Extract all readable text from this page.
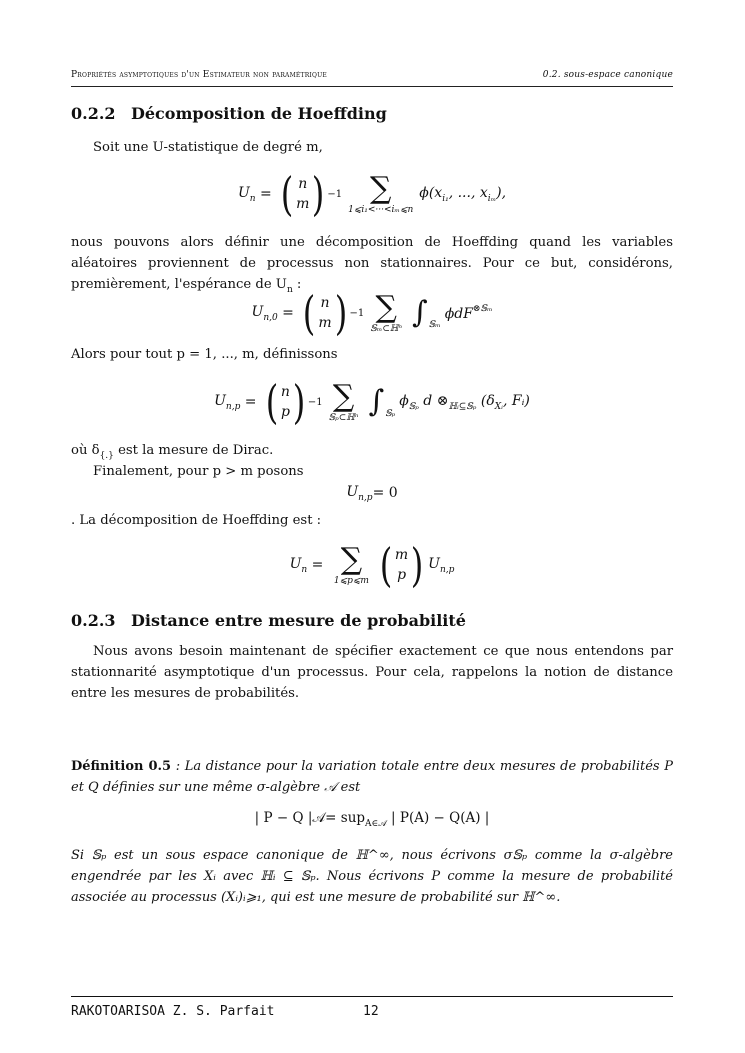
Propriétés asymptotiques d'un Estimateur non paramétrique	0.2. sous-espace canonique
0.2.2 Décomposition de Hoeffding
Soit une U-statistique de degré m,
$U_n$ = ( n
m ) −1 ∑
1⩽i₁<···<iₘ⩽n
$\phi(x_{i_1}$, ..., $x_{i_m}$),
nous pouvons alors définir une décomposition de Hoeffding quand les variables aléatoires proviennent de processus non stationnaires. Pour ce but, considérons, premièrement, l'espérance de $U_n$ :
$U_{n,0}$ = ( n
m ) −1 ∑
𝕊ₘ⊂ℍⁿ ∫ 𝕊ₘ
ϕdF$^{\otimes 𝕊_m}$
Alors pour tout p = 1, ..., m, définissons
$U_{n,p}$ = ( n
p ) −1 ∑
𝕊ₚ⊂ℍⁿ ∫ 𝕊ₚ
$\phi_{𝕊_p}$ d $\otimes_{ℍᵢ⊆𝕊_p}$ ($\delta_{Xᵢ}$, Fᵢ)
où $\delta_{\{.\}}$ est la mesure de Dirac.
Finalement, pour p > m posons
$U_{n,p} = 0$
. La décomposition de Hoeffding est :
$U_n$ = ∑
1⩽p⩽m ( m
p ) $U_{n,p}$
0.2.3 Distance entre mesure de probabilité
Nous avons besoin maintenant de spécifier exactement ce que nous entendons par stationnarité asymptotique d'un processus. Pour cela, rappelons la notion de distance entre les mesures de probabilités.
Définition 0.5 : La distance pour la variation totale entre deux mesures de probabilités P et Q définies sur une même σ-algèbre 𝒜 est
| P − Q |𝒜= sup$_{A\in 𝒜}$ | P(A) − Q(A) |
Si 𝕊ₚ est un sous espace canonique de ℍ^∞, nous écrivons σ𝕊ₚ comme la σ-algèbre engendrée par les Xᵢ avec ℍᵢ ⊆ 𝕊ₚ. Nous écrivons P comme la mesure de probabilité associée au processus (Xᵢ)ᵢ⩾₁, qui est une mesure de probabilité sur ℍ^∞.
RAKOTOARISOA Z. S. Parfait	12
